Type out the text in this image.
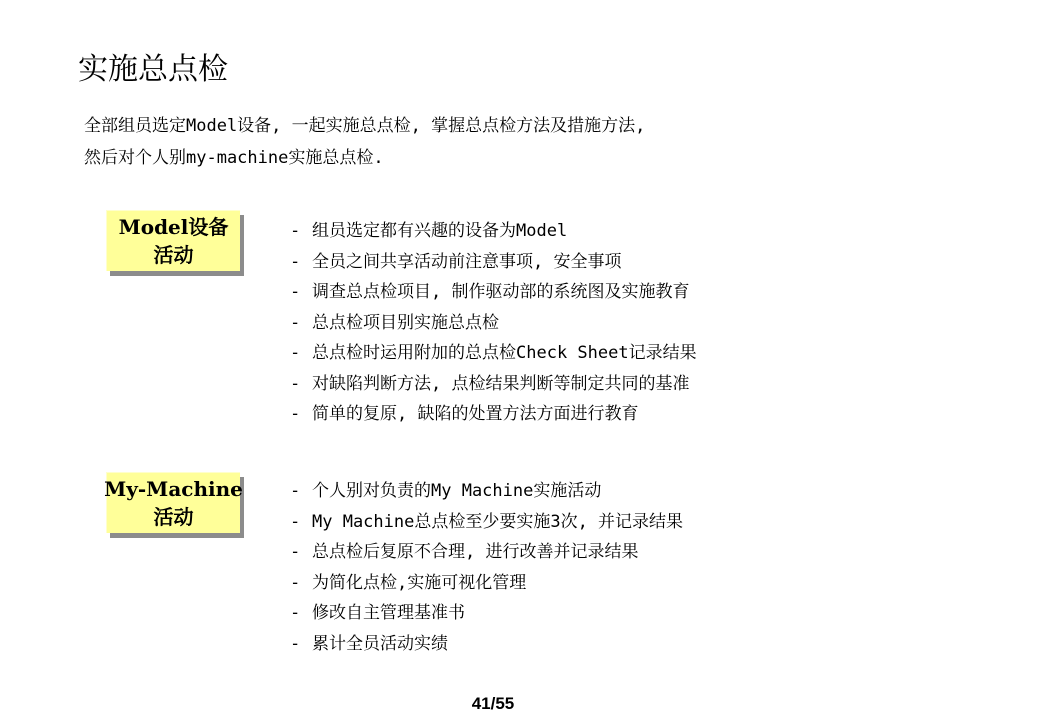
实施总点检
全部组员选定Model设备, 一起实施总点检, 掌握总点检方法及措施方法,
然后对个人别my-machine实施总点检.
Model设备
活动
- 组员选定都有兴趣的设备为Model
- 全员之间共享活动前注意事项, 安全事项
- 调查总点检项目, 制作驱动部的系统图及实施教育
- 总点检项目别实施总点检
- 总点检时运用附加的总点检Check Sheet记录结果
- 对缺陷判断方法, 点检结果判断等制定共同的基准
- 简单的复原, 缺陷的处置方法方面进行教育
My-Machine
活动
- 个人别对负责的My Machine实施活动
- My Machine总点检至少要实施3次, 并记录结果
- 总点检后复原不合理, 进行改善并记录结果
- 为简化点检,实施可视化管理
- 修改自主管理基准书
- 累计全员活动实绩
41/55
